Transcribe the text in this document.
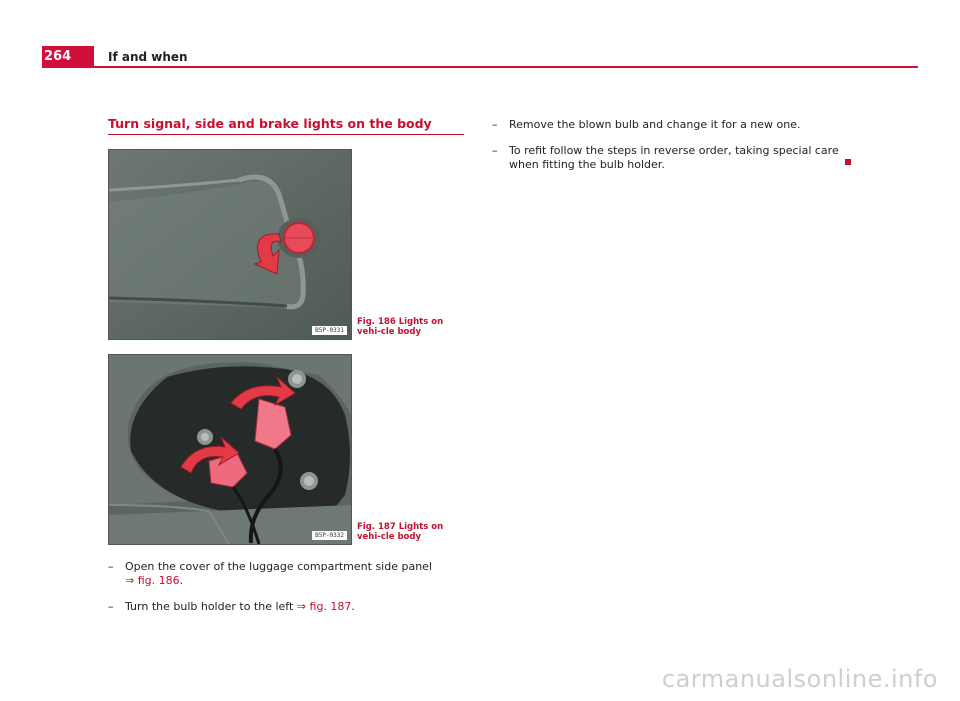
264	If and when
Turn signal, side and brake lights on the body
B5P-0331
Fig. 186 Lights on vehi-cle body
B5P-0332
Fig. 187 Lights on vehi-cle body
– Open the cover of the luggage compartment side panel
⇒ fig. 186.
– Turn the bulb holder to the left ⇒ fig. 187.
– Remove the blown bulb and change it for a new one.
– To refit follow the steps in reverse order, taking special care when fitting the bulb holder.
carmanualsonline.info
